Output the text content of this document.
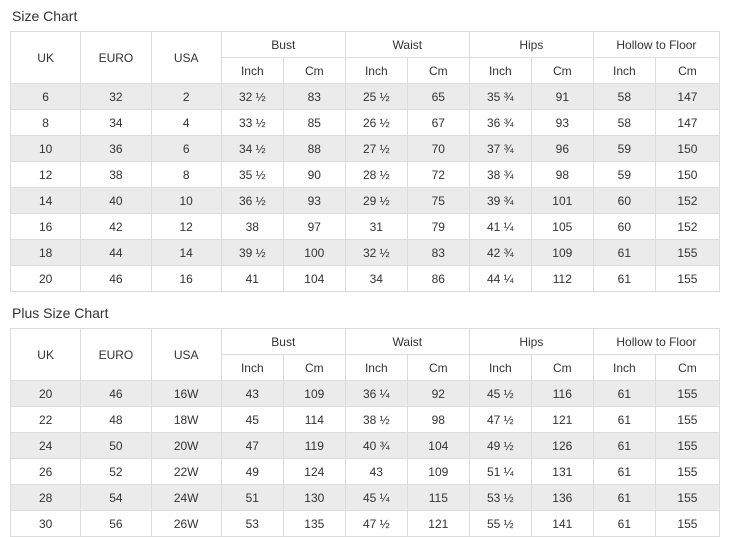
Size Chart
UK	EURO	USA	Bust		Waist		Hips		Hollow to Floor	
			Inch	Cm	Inch	Cm	Inch	Cm	Inch	Cm
6	32	2	32 ½	83	25 ½	65	35 ¾	91	58	147
8	34	4	33 ½	85	26 ½	67	36 ¾	93	58	147
10	36	6	34 ½	88	27 ½	70	37 ¾	96	59	150
12	38	8	35 ½	90	28 ½	72	38 ¾	98	59	150
14	40	10	36 ½	93	29 ½	75	39 ¾	101	60	152
16	42	12	38	97	31	79	41 ¼	105	60	152
18	44	14	39 ½	100	32 ½	83	42 ¾	109	61	155
20	46	16	41	104	34	86	44 ¼	112	61	155
Plus Size Chart
UK	EURO	USA	Bust		Waist		Hips		Hollow to Floor	
			Inch	Cm	Inch	Cm	Inch	Cm	Inch	Cm
20	46	16W	43	109	36 ¼	92	45 ½	116	61	155
22	48	18W	45	114	38 ½	98	47 ½	121	61	155
24	50	20W	47	119	40 ¾	104	49 ½	126	61	155
26	52	22W	49	124	43	109	51 ¼	131	61	155
28	54	24W	51	130	45 ¼	115	53 ½	136	61	155
30	56	26W	53	135	47 ½	121	55 ½	141	61	155
